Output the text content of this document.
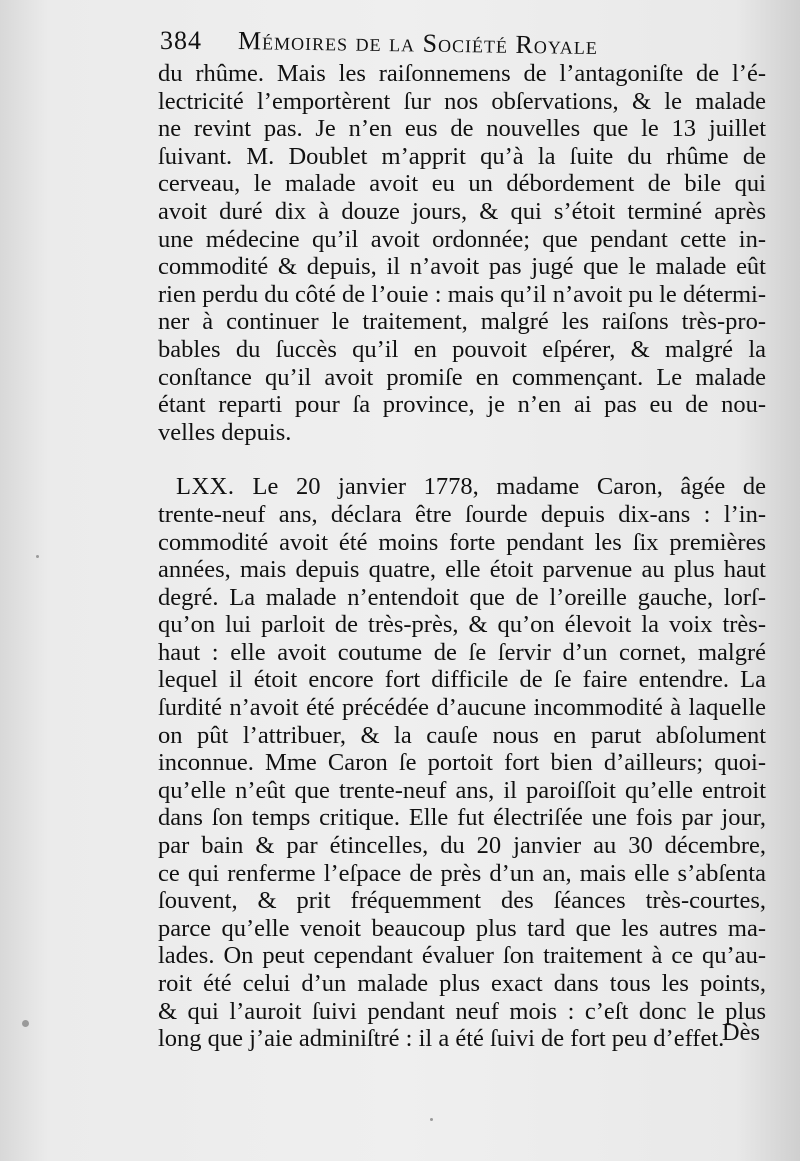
384 Mémoires de la Société Royale
du rhûme. Mais les raiſonnemens de l’antagoniſte de l’é-
lectricité l’emportèrent ſur nos obſervations, & le malade
ne revint pas. Je n’en eus de nouvelles que le 13 juillet
ſuivant. M. Doublet m’apprit qu’à la ſuite du rhûme de
cerveau, le malade avoit eu un débordement de bile qui
avoit duré dix à douze jours, & qui s’étoit terminé après
une médecine qu’il avoit ordonnée; que pendant cette in-
commodité & depuis, il n’avoit pas jugé que le malade eût
rien perdu du côté de l’ouie : mais qu’il n’avoit pu le détermi-
ner à continuer le traitement, malgré les raiſons très-pro-
bables du ſuccès qu’il en pouvoit eſpérer, & malgré la
conſtance qu’il avoit promiſe en commençant. Le malade
étant reparti pour ſa province, je n’en ai pas eu de nou-
velles depuis.
LXX. Le 20 janvier 1778, madame Caron, âgée de
trente-neuf ans, déclara être ſourde depuis dix-ans : l’in-
commodité avoit été moins forte pendant les ſix premières
années, mais depuis quatre, elle étoit parvenue au plus haut
degré. La malade n’entendoit que de l’oreille gauche, lorſ-
qu’on lui parloit de très-près, & qu’on élevoit la voix très-
haut : elle avoit coutume de ſe ſervir d’un cornet, malgré
lequel il étoit encore fort difficile de ſe faire entendre. La
ſurdité n’avoit été précédée d’aucune incommodité à laquelle
on pût l’attribuer, & la cauſe nous en parut abſolument
inconnue. Mme Caron ſe portoit fort bien d’ailleurs; quoi-
qu’elle n’eût que trente-neuf ans, il paroiſſoit qu’elle entroit
dans ſon temps critique. Elle fut électriſée une fois par jour,
par bain & par étincelles, du 20 janvier au 30 décembre,
ce qui renferme l’eſpace de près d’un an, mais elle s’abſenta
ſouvent, & prit fréquemment des ſéances très-courtes,
parce qu’elle venoit beaucoup plus tard que les autres ma-
lades. On peut cependant évaluer ſon traitement à ce qu’au-
roit été celui d’un malade plus exact dans tous les points,
& qui l’auroit ſuivi pendant neuf mois : c’eſt donc le plus
long que j’aie adminiſtré : il a été ſuivi de fort peu d’effet.
Dès
